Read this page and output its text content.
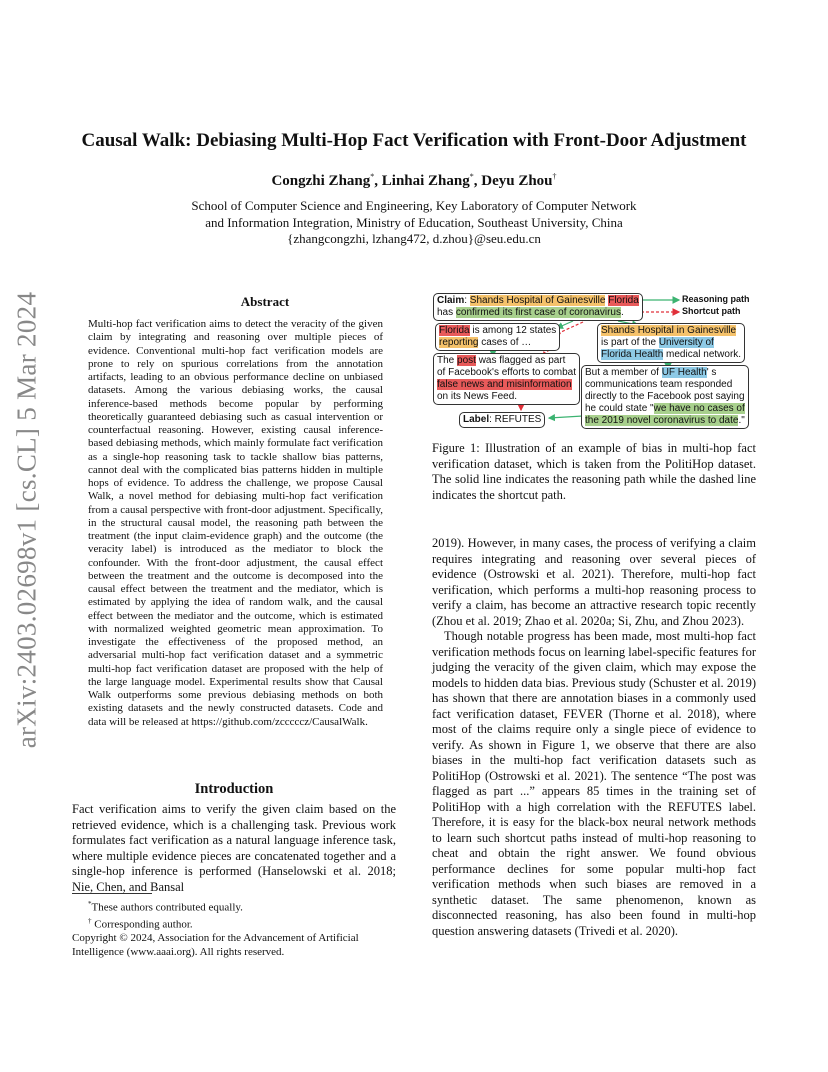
arXiv:2403.02698v1 [cs.CL] 5 Mar 2024
Causal Walk: Debiasing Multi-Hop Fact Verification with Front-Door Adjustment
Congzhi Zhang*, Linhai Zhang*, Deyu Zhou†
School of Computer Science and Engineering, Key Laboratory of Computer Network
and Information Integration, Ministry of Education, Southeast University, China
{zhangcongzhi, lzhang472, d.zhou}@seu.edu.cn
Abstract
Multi-hop fact verification aims to detect the veracity of the given claim by integrating and reasoning over multiple pieces of evidence. Conventional multi-hop fact verification models are prone to rely on spurious correlations from the annotation artifacts, leading to an obvious performance decline on unbiased datasets. Among the various debiasing works, the causal inference-based methods become popular by performing theoretically guaranteed debiasing such as casual intervention or counterfactual reasoning. However, existing causal inference-based debiasing methods, which mainly formulate fact verification as a single-hop reasoning task to tackle shallow bias patterns, cannot deal with the complicated bias patterns hidden in multiple hops of evidence. To address the challenge, we propose Causal Walk, a novel method for debiasing multi-hop fact verification from a causal perspective with front-door adjustment. Specifically, in the structural causal model, the reasoning path between the treatment (the input claim-evidence graph) and the outcome (the veracity label) is introduced as the mediator to block the confounder. With the front-door adjustment, the causal effect between the treatment and the outcome is decomposed into the causal effect between the treatment and the mediator, which is estimated by applying the idea of random walk, and the causal effect between the mediator and the outcome, which is estimated with normalized weighted geometric mean approximation. To investigate the effectiveness of the proposed method, an adversarial multi-hop fact verification dataset and a symmetric multi-hop fact verification dataset are proposed with the help of the large language model. Experimental results show that Causal Walk outperforms some previous debiasing methods on both existing datasets and the newly constructed datasets. Code and data will be released at https://github.com/zcccccz/CausalWalk.
Introduction
Fact verification aims to verify the given claim based on the retrieved evidence, which is a challenging task. Previous work formulates fact verification as a natural language inference task, where multiple evidence pieces are concatenated together and a single-hop inference is performed (Hanselowski et al. 2018; Nie, Chen, and Bansal
*These authors contributed equally.
† Corresponding author.
Copyright © 2024, Association for the Advancement of Artificial Intelligence (www.aaai.org). All rights reserved.
Claim: Shands Hospital of Gainesville Florida
has confirmed its first case of coronavirus.
Reasoning path
Shortcut path
Florida is among 12 states
reporting cases of …
Shands Hospital in Gainesville
is part of the University of
Florida Health medical network.
The post was flagged as part
of Facebook's efforts to combat
false news and misinformation
on its News Feed.
But a member of UF Health' s
communications team responded
directly to the Facebook post saying
he could state "we have no cases of
the 2019 novel coronavirus to date."
Label: REFUTES
Figure 1: Illustration of an example of bias in multi-hop fact verification dataset, which is taken from the PolitiHop dataset. The solid line indicates the reasoning path while the dashed line indicates the shortcut path.

2019). However, in many cases, the process of verifying a claim requires integrating and reasoning over several pieces of evidence (Ostrowski et al. 2021). Therefore, multi-hop fact verification, which performs a multi-hop reasoning process to verify a claim, has become an attractive research topic recently (Zhou et al. 2019; Zhao et al. 2020a; Si, Zhu, and Zhou 2023).

Though notable progress has been made, most multi-hop fact verification methods focus on learning label-specific features for judging the veracity of the given claim, which may expose the models to hidden data bias. Previous study (Schuster et al. 2019) has shown that there are annotation biases in a commonly used fact verification dataset, FEVER (Thorne et al. 2018), where most of the claims require only a single piece of evidence to verify. As shown in Figure 1, we observe that there are also biases in the multi-hop fact verification datasets such as PolitiHop (Ostrowski et al. 2021). The sentence “The post was flagged as part ...” appears 85 times in the training set of PolitiHop with a high correlation with the REFUTES label. Therefore, it is easy for the black-box neural network methods to learn such shortcut paths instead of multi-hop reasoning to cheat and obtain the right answer. We found obvious performance declines for some popular multi-hop fact verification methods when such biases are removed in a synthetic dataset. The same phenomenon, known as disconnected reasoning, has also been found in multi-hop question answering datasets (Trivedi et al. 2020).
